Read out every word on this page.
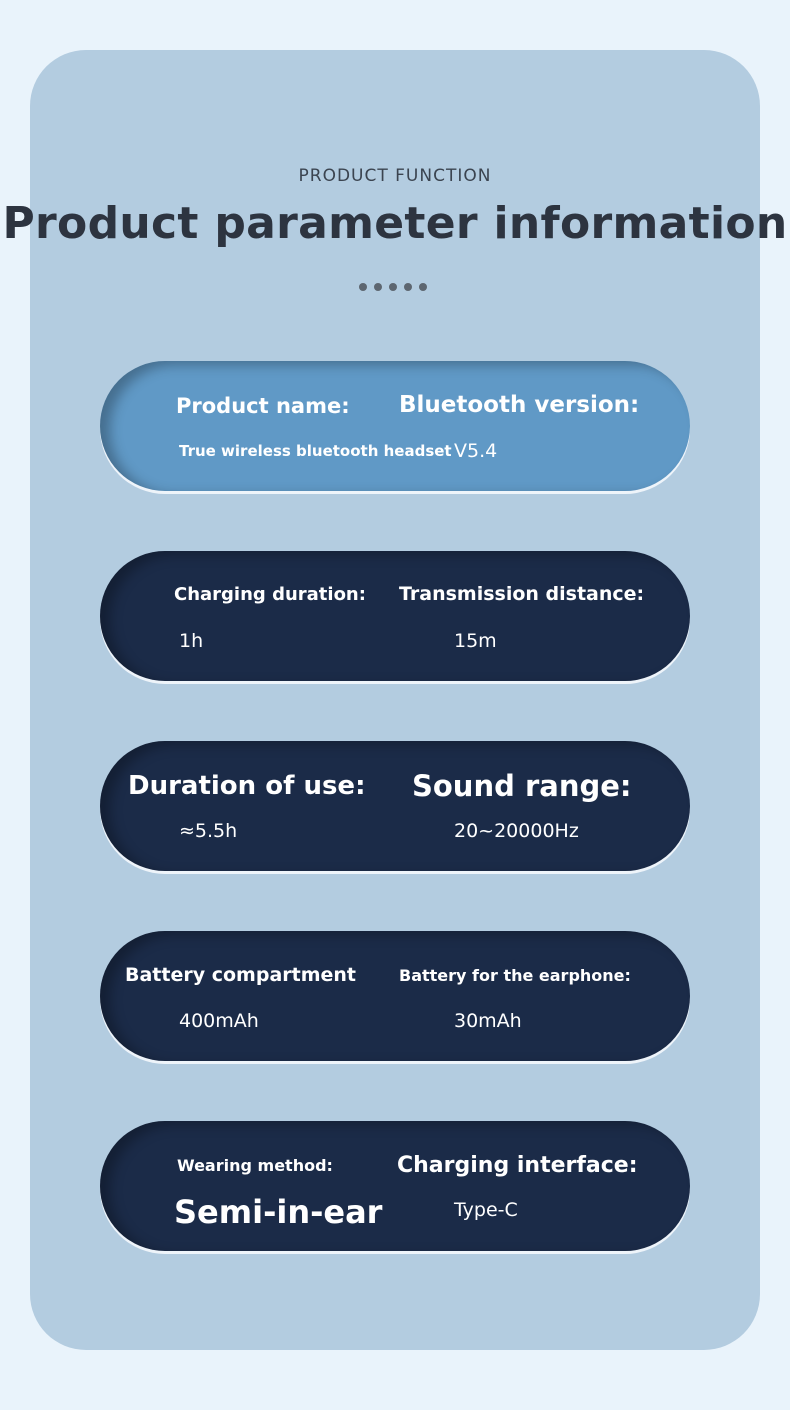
PRODUCT FUNCTION
Product parameter information
Product name:
True wireless bluetooth headset
Bluetooth version:
V5.4
Charging duration:
1h
Transmission distance:
15m
Duration of use:
≈5.5h
Sound range:
20~20000Hz
Battery compartment
400mAh
Battery for the earphone:
30mAh
Wearing method:
Semi-in-ear
Charging interface:
Type-C
